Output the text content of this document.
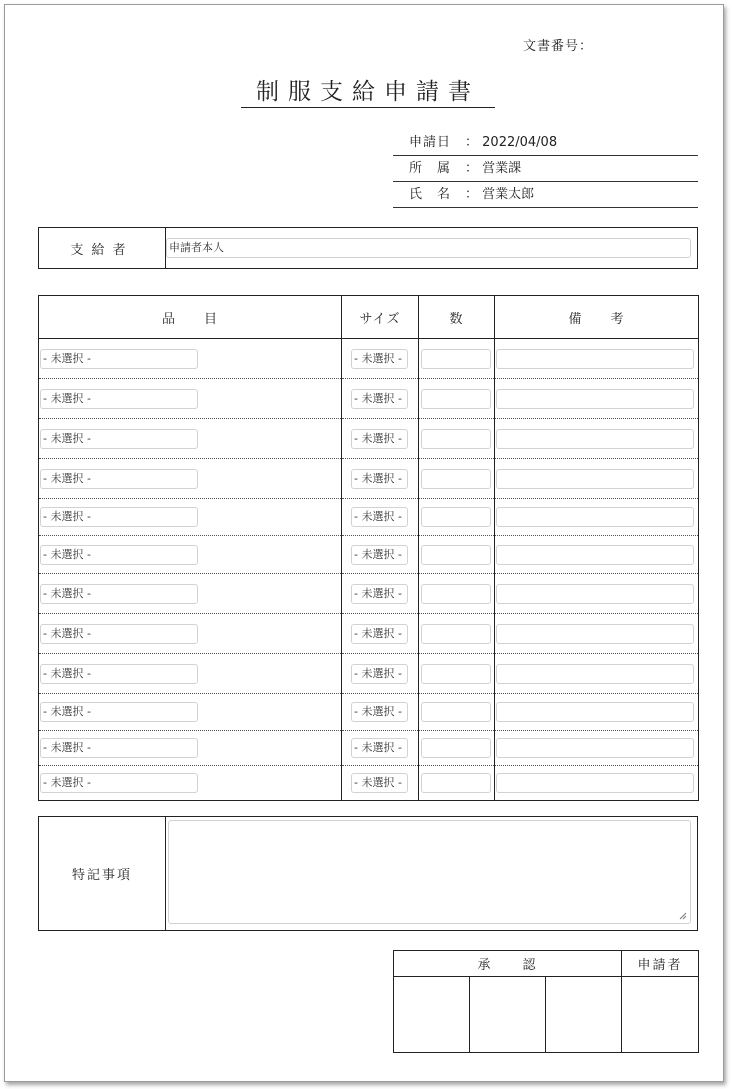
文書番号：
制服支給申請書
申請日 ： 2022/04/08
所　属 ： 営業課
氏　名 ： 営業太郎
支給者	申請者本人
品　　目	サイズ	数	備　　考

- 未選択 -	- 未選択 -		

- 未選択 -	- 未選択 -		

- 未選択 -	- 未選択 -		

- 未選択 -	- 未選択 -		

- 未選択 -	- 未選択 -		

- 未選択 -	- 未選択 -		

- 未選択 -	- 未選択 -		

- 未選択 -	- 未選択 -		

- 未選択 -	- 未選択 -		

- 未選択 -	- 未選択 -		

- 未選択 -	- 未選択 -		

- 未選択 -	- 未選択 -		

特記事項
承　　認			申請者
